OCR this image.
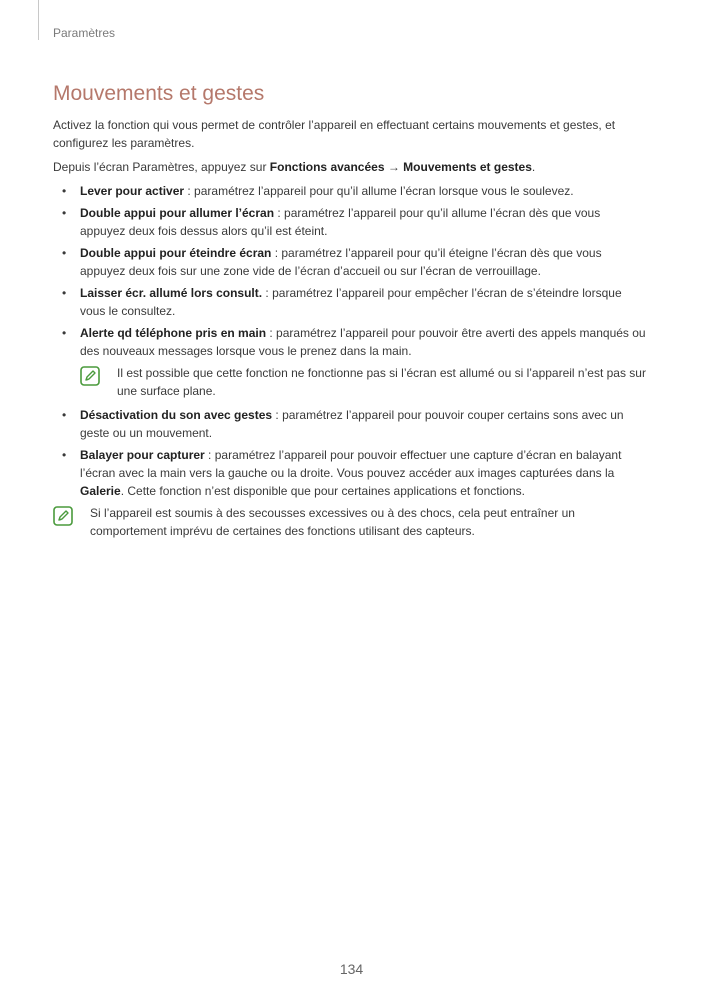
Paramètres
Mouvements et gestes

Activez la fonction qui vous permet de contrôler l’appareil en effectuant certains mouvements et gestes, et configurez les paramètres.

Depuis l’écran Paramètres, appuyez sur Fonctions avancées → Mouvements et gestes.

• Lever pour activer : paramétrez l’appareil pour qu’il allume l’écran lorsque vous le soulevez.
• Double appui pour allumer l’écran : paramétrez l’appareil pour qu’il allume l’écran dès que vous appuyez deux fois dessus alors qu’il est éteint.
• Double appui pour éteindre écran : paramétrez l’appareil pour qu’il éteigne l’écran dès que vous appuyez deux fois sur une zone vide de l’écran d’accueil ou sur l’écran de verrouillage.
• Laisser écr. allumé lors consult. : paramétrez l’appareil pour empêcher l’écran de s’éteindre lorsque vous le consultez.
• Alerte qd téléphone pris en main : paramétrez l’appareil pour pouvoir être averti des appels manqués ou des nouveaux messages lorsque vous le prenez dans la main.

Il est possible que cette fonction ne fonctionne pas si l’écran est allumé ou si l’appareil n’est pas sur une surface plane.

• Désactivation du son avec gestes : paramétrez l’appareil pour pouvoir couper certains sons avec un geste ou un mouvement.
• Balayer pour capturer : paramétrez l’appareil pour pouvoir effectuer une capture d’écran en balayant l’écran avec la main vers la gauche ou la droite. Vous pouvez accéder aux images capturées dans la Galerie. Cette fonction n’est disponible que pour certaines applications et fonctions.

Si l’appareil est soumis à des secousses excessives ou à des chocs, cela peut entraîner un comportement imprévu de certaines des fonctions utilisant des capteurs.

134
